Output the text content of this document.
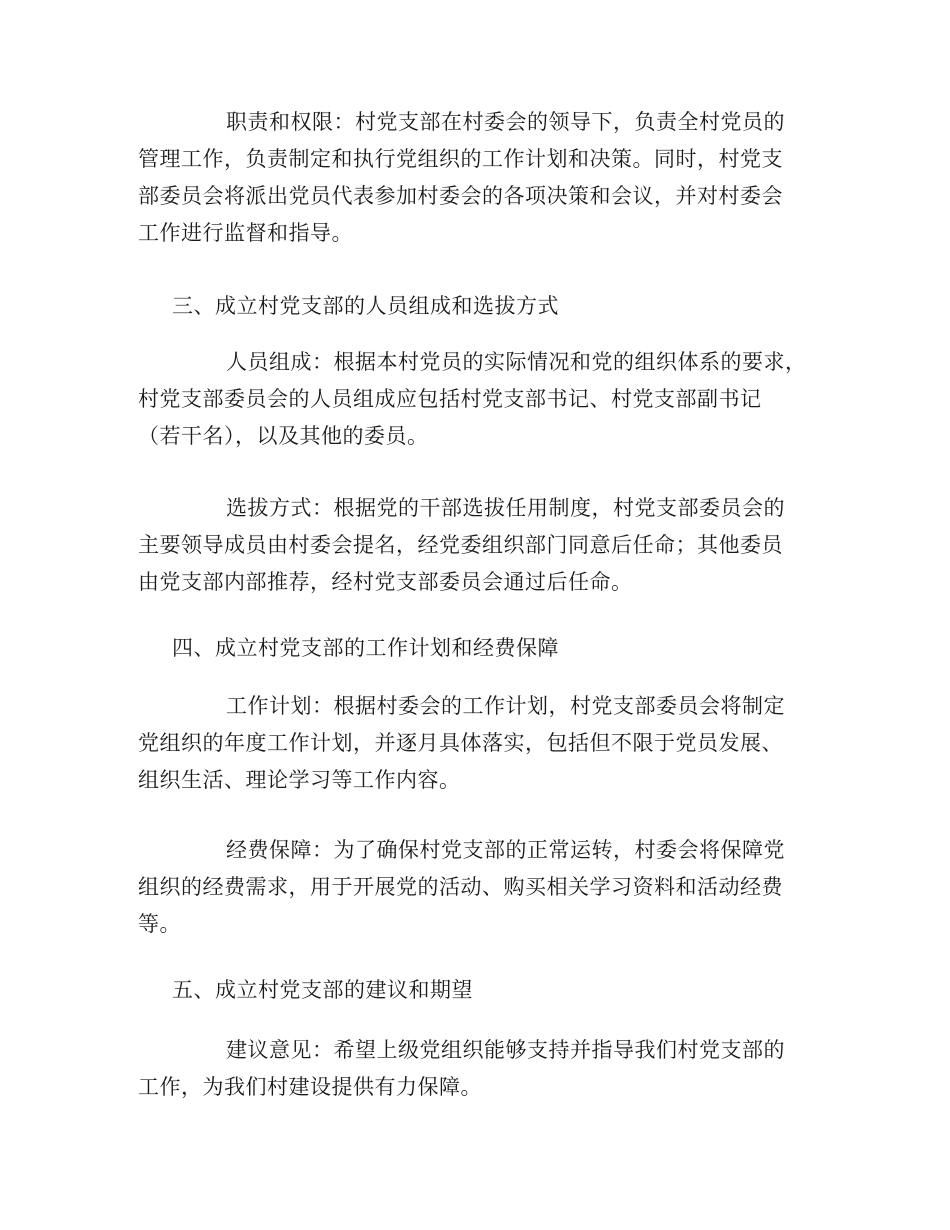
职责和权限：村党支部在村委会的领导下，负责全村党员的
管理工作，负责制定和执行党组织的工作计划和决策。同时，村党支
部委员会将派出党员代表参加村委会的各项决策和会议，并对村委会
工作进行监督和指导。

三、成立村党支部的人员组成和选拔方式

人员组成：根据本村党员的实际情况和党的组织体系的要求，
村党支部委员会的人员组成应包括村党支部书记、村党支部副书记
（若干名），以及其他的委员。

选拔方式：根据党的干部选拔任用制度，村党支部委员会的
主要领导成员由村委会提名，经党委组织部门同意后任命；其他委员
由党支部内部推荐，经村党支部委员会通过后任命。

四、成立村党支部的工作计划和经费保障

工作计划：根据村委会的工作计划，村党支部委员会将制定
党组织的年度工作计划，并逐月具体落实，包括但不限于党员发展、
组织生活、理论学习等工作内容。

经费保障：为了确保村党支部的正常运转，村委会将保障党
组织的经费需求，用于开展党的活动、购买相关学习资料和活动经费
等。

五、成立村党支部的建议和期望

建议意见：希望上级党组织能够支持并指导我们村党支部的
工作，为我们村建设提供有力保障。
